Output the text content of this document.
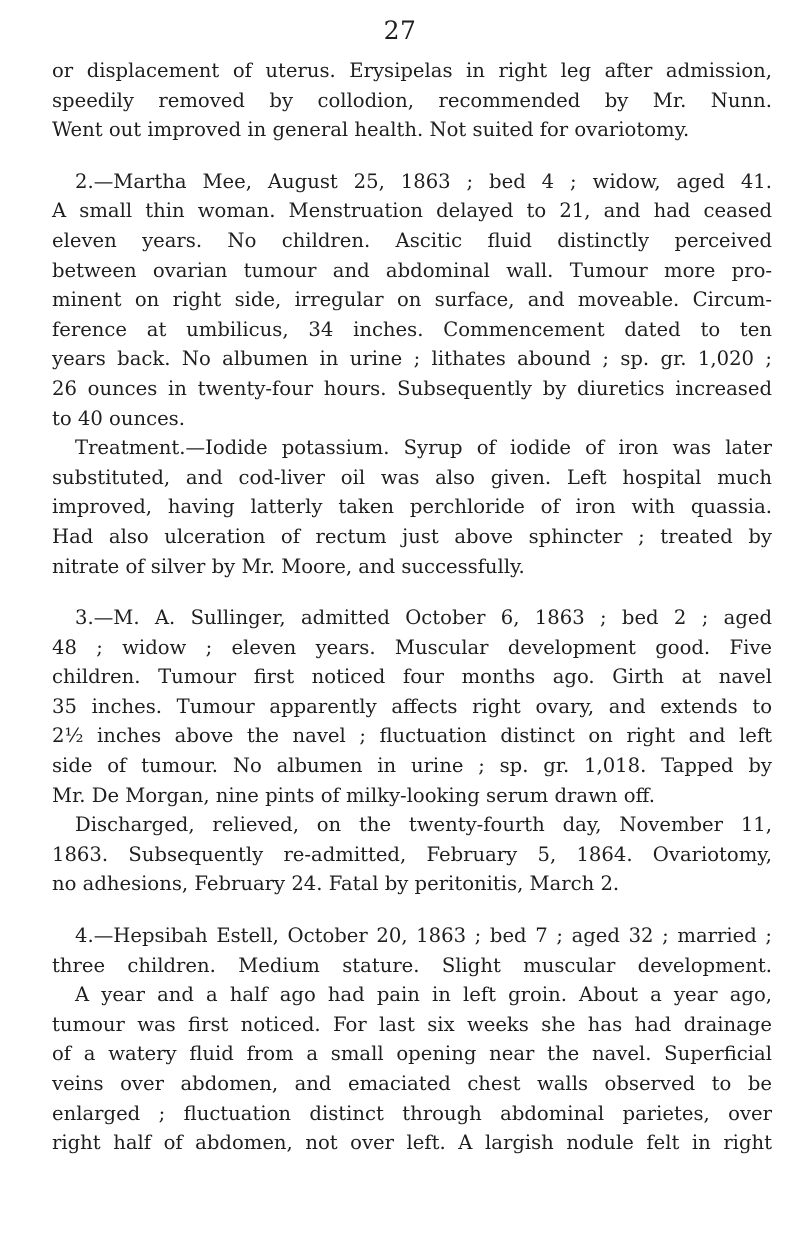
27

or displacement of uterus. Erysipelas in right leg after admission,
speedily removed by collodion, recommended by Mr. Nunn.
Went out improved in general health. Not suited for ovariotomy.

2.—Martha Mee, August 25, 1863 ; bed 4 ; widow, aged 41.
A small thin woman. Menstruation delayed to 21, and had ceased
eleven years. No children. Ascitic fluid distinctly perceived
between ovarian tumour and abdominal wall. Tumour more pro-
minent on right side, irregular on surface, and moveable. Circum-
ference at umbilicus, 34 inches. Commencement dated to ten
years back. No albumen in urine ; lithates abound ; sp. gr. 1,020 ;
26 ounces in twenty-four hours. Subsequently by diuretics increased
to 40 ounces.

Treatment.—Iodide potassium. Syrup of iodide of iron was later
substituted, and cod-liver oil was also given. Left hospital much
improved, having latterly taken perchloride of iron with quassia.
Had also ulceration of rectum just above sphincter ; treated by
nitrate of silver by Mr. Moore, and successfully.

3.—M. A. Sullinger, admitted October 6, 1863 ; bed 2 ; aged
48 ; widow ; eleven years. Muscular development good. Five
children. Tumour first noticed four months ago. Girth at navel
35 inches. Tumour apparently affects right ovary, and extends to
2½ inches above the navel ; fluctuation distinct on right and left
side of tumour. No albumen in urine ; sp. gr. 1,018. Tapped by
Mr. De Morgan, nine pints of milky-looking serum drawn off.
Discharged, relieved, on the twenty-fourth day, November 11,
1863. Subsequently re-admitted, February 5, 1864. Ovariotomy,
no adhesions, February 24. Fatal by peritonitis, March 2.

4.—Hepsibah Estell, October 20, 1863 ; bed 7 ; aged 32 ; married ;
three children. Medium stature. Slight muscular development.
A year and a half ago had pain in left groin. About a year ago,
tumour was first noticed. For last six weeks she has had drainage
of a watery fluid from a small opening near the navel. Superficial
veins over abdomen, and emaciated chest walls observed to be
enlarged ; fluctuation distinct through abdominal parietes, over
right half of abdomen, not over left. A largish nodule felt in right
